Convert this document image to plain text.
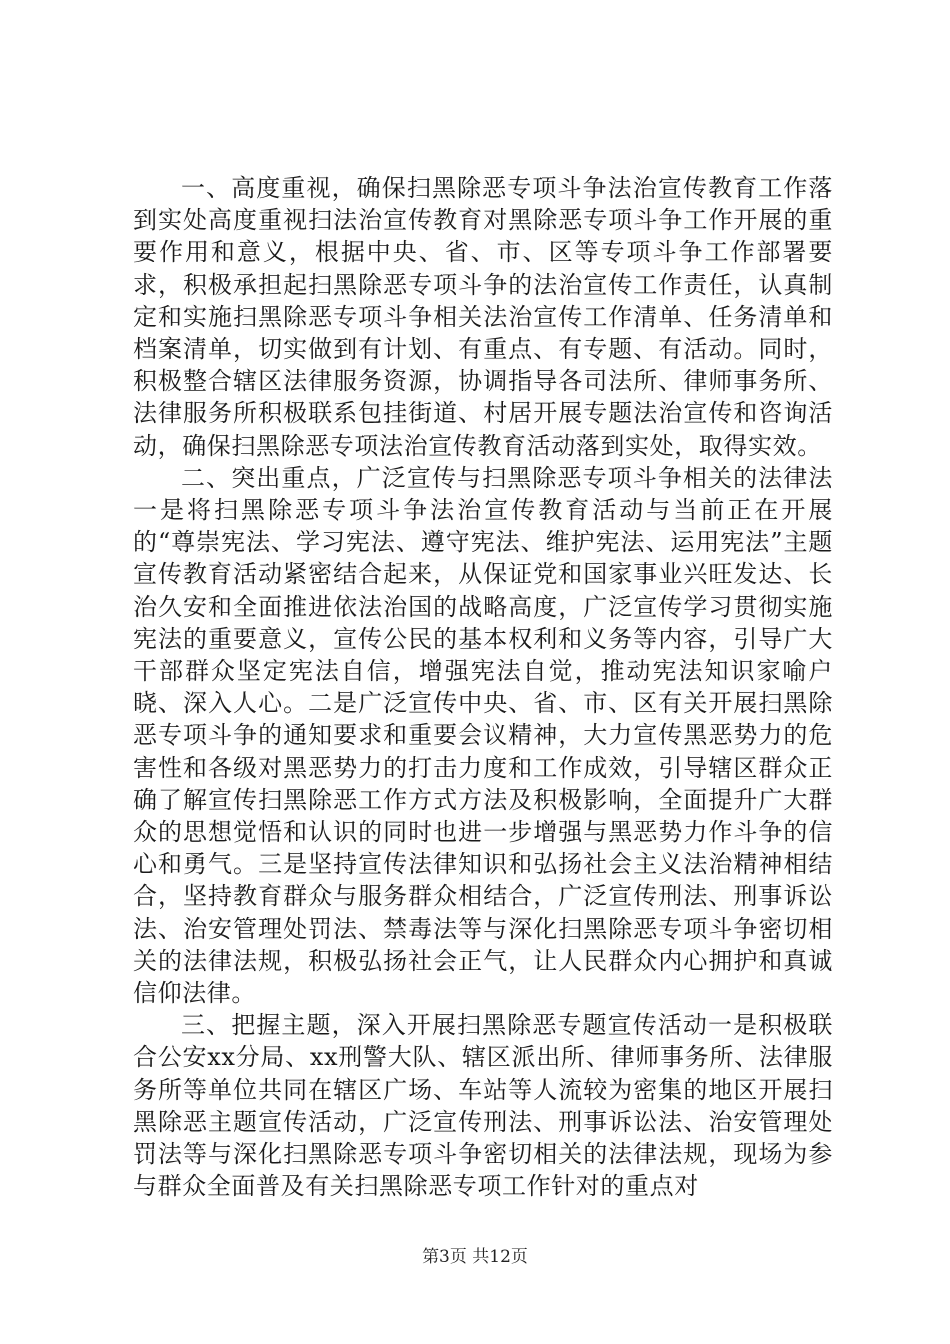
一、高度重视，确保扫黑除恶专项斗争法治宣传教育工作落到实处高度重视扫法治宣传教育对黑除恶专项斗争工作开展的重要作用和意义，根据中央、省、市、区等专项斗争工作部署要求，积极承担起扫黑除恶专项斗争的法治宣传工作责任，认真制定和实施扫黑除恶专项斗争相关法治宣传工作清单、任务清单和档案清单，切实做到有计划、有重点、有专题、有活动。同时，积极整合辖区法律服务资源，协调指导各司法所、律师事务所、法律服务所积极联系包挂街道、村居开展专题法治宣传和咨询活动，确保扫黑除恶专项法治宣传教育活动落到实处，取得实效。

二、突出重点，广泛宣传与扫黑除恶专项斗争相关的法律法一是将扫黑除恶专项斗争法治宣传教育活动与当前正在开展的“尊崇宪法、学习宪法、遵守宪法、维护宪法、运用宪法”主题宣传教育活动紧密结合起来，从保证党和国家事业兴旺发达、长治久安和全面推进依法治国的战略高度，广泛宣传学习贯彻实施宪法的重要意义，宣传公民的基本权利和义务等内容，引导广大干部群众坚定宪法自信，增强宪法自觉，推动宪法知识家喻户晓、深入人心。二是广泛宣传中央、省、市、区有关开展扫黑除恶专项斗争的通知要求和重要会议精神，大力宣传黑恶势力的危害性和各级对黑恶势力的打击力度和工作成效，引导辖区群众正确了解宣传扫黑除恶工作方式方法及积极影响，全面提升广大群众的思想觉悟和认识的同时也进一步增强与黑恶势力作斗争的信心和勇气。三是坚持宣传法律知识和弘扬社会主义法治精神相结合，坚持教育群众与服务群众相结合，广泛宣传刑法、刑事诉讼法、治安管理处罚法、禁毒法等与深化扫黑除恶专项斗争密切相关的法律法规，积极弘扬社会正气，让人民群众内心拥护和真诚信仰法律。

三、把握主题，深入开展扫黑除恶专题宣传活动一是积极联合公安xx分局、xx刑警大队、辖区派出所、律师事务所、法律服务所等单位共同在辖区广场、车站等人流较为密集的地区开展扫黑除恶主题宣传活动，广泛宣传刑法、刑事诉讼法、治安管理处罚法等与深化扫黑除恶专项斗争密切相关的法律法规，现场为参与群众全面普及有关扫黑除恶专项工作针对的重点对

第3页 共12页
